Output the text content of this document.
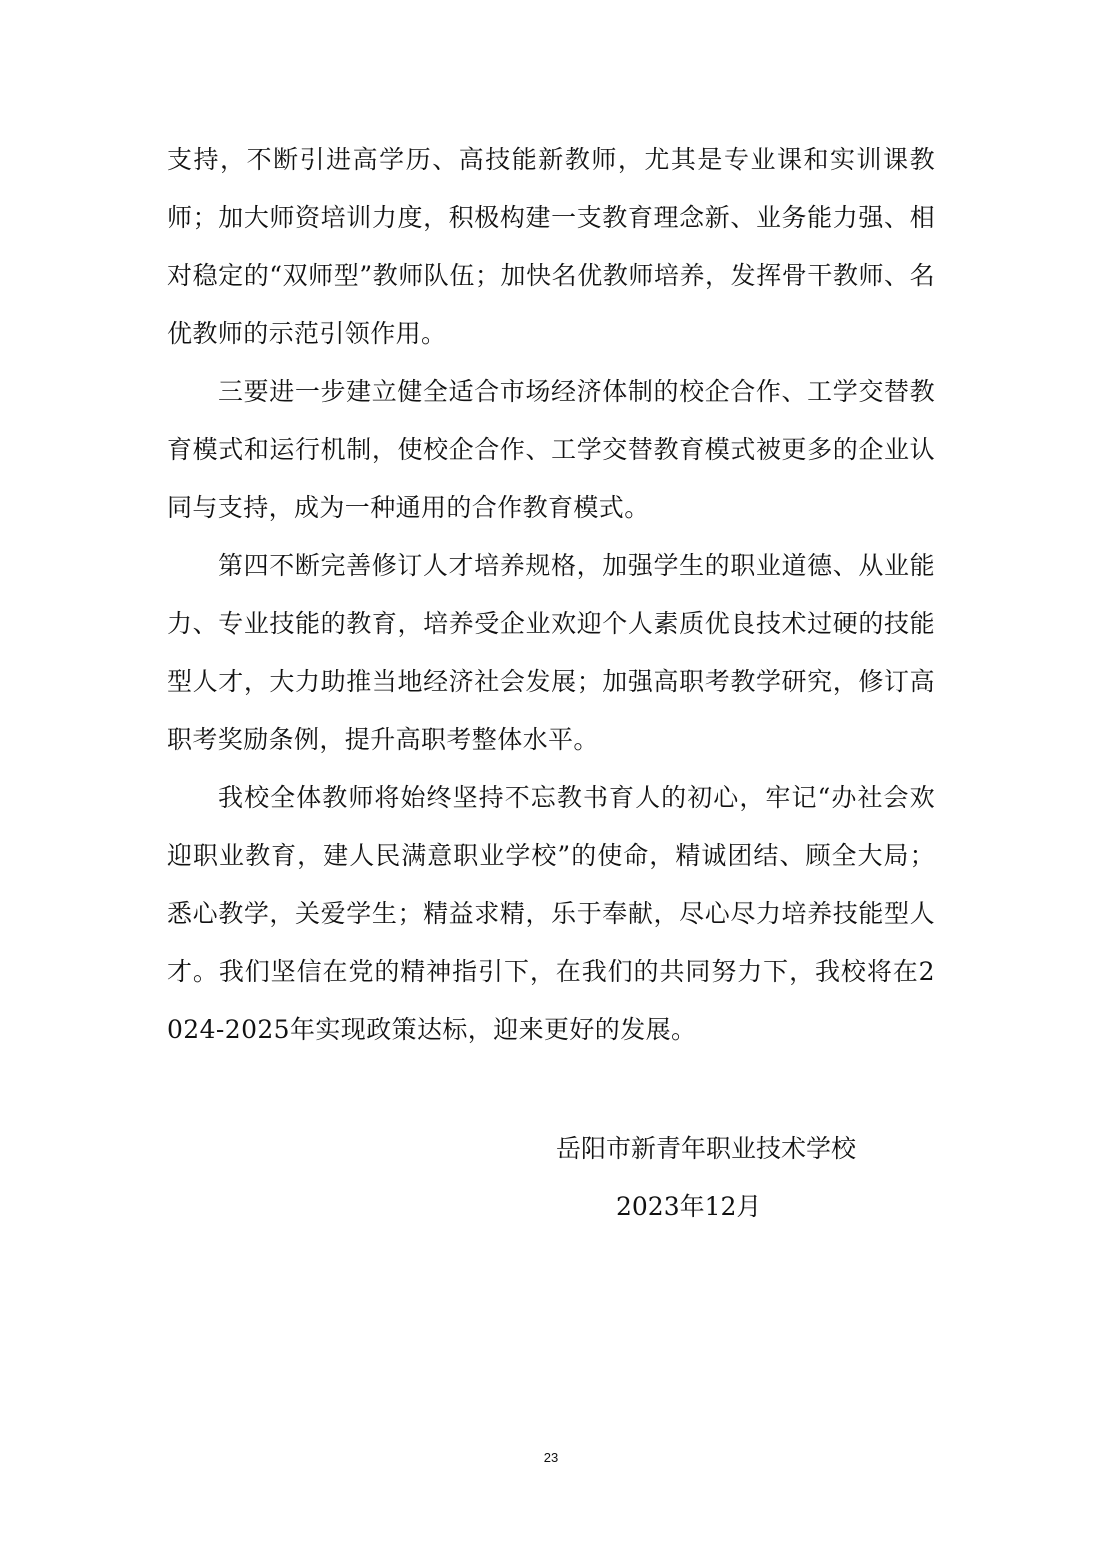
支持，不断引进高学历、高技能新教师，尤其是专业课和实训课教师；加大师资培训力度，积极构建一支教育理念新、业务能力强、相对稳定的“双师型”教师队伍；加快名优教师培养，发挥骨干教师、名优教师的示范引领作用。

三要进一步建立健全适合市场经济体制的校企合作、工学交替教育模式和运行机制，使校企合作、工学交替教育模式被更多的企业认同与支持，成为一种通用的合作教育模式。

第四不断完善修订人才培养规格，加强学生的职业道德、从业能力、专业技能的教育，培养受企业欢迎个人素质优良技术过硬的技能型人才，大力助推当地经济社会发展；加强高职考教学研究，修订高职考奖励条例，提升高职考整体水平。

我校全体教师将始终坚持不忘教书育人的初心，牢记“办社会欢迎职业教育，建人民满意职业学校”的使命，精诚团结、顾全大局；悉心教学，关爱学生；精益求精，乐于奉献，尽心尽力培养技能型人才。我们坚信在党的精神指引下，在我们的共同努力下，我校将在2024-2025年实现政策达标，迎来更好的发展。

岳阳市新青年职业技术学校

2023年12月

23
